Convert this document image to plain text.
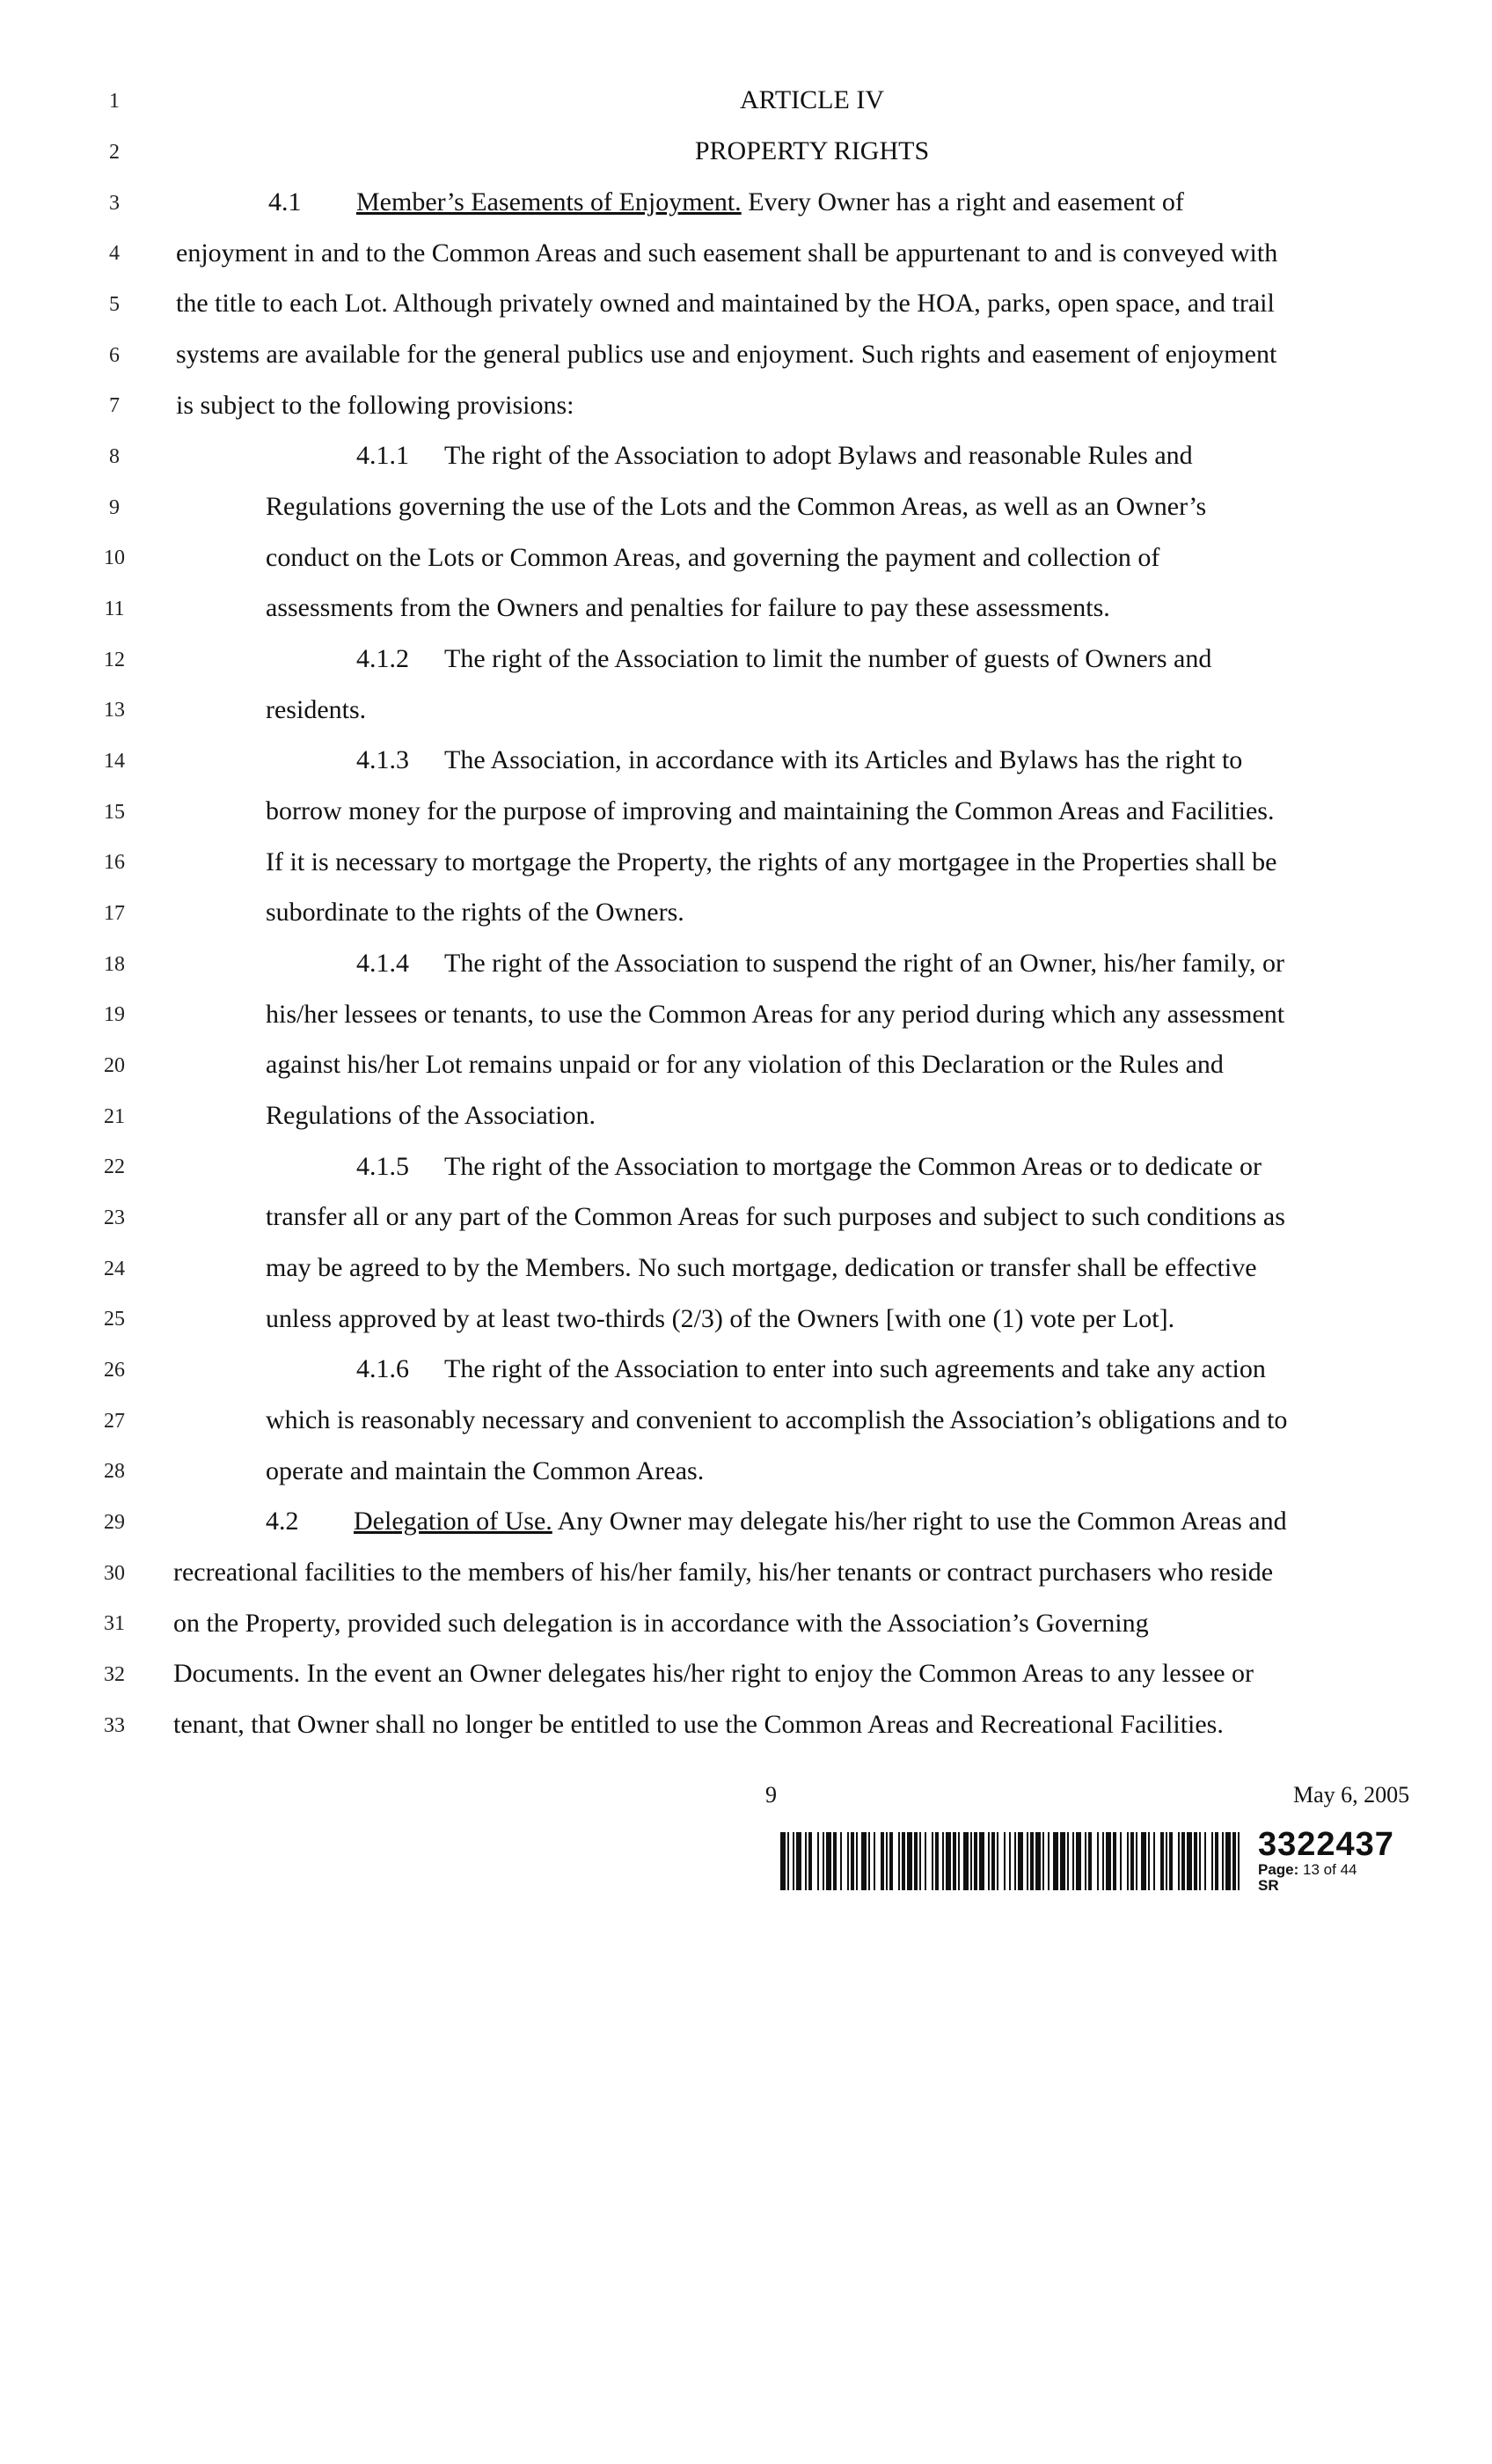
1
2
3
4
5
6
7
8
9
10
11
12
13
14
15
16
17
18
19
20
21
22
23
24
25
26
27
28
29
30
31
32
33
ARTICLE IV
PROPERTY RIGHTS
4.1 Member’s Easements of Enjoyment. Every Owner has a right and easement of
enjoyment in and to the Common Areas and such easement shall be appurtenant to and is conveyed with
the title to each Lot. Although privately owned and maintained by the HOA, parks, open space, and trail
systems are available for the general publics use and enjoyment. Such rights and easement of enjoyment
is subject to the following provisions:
4.1.1 The right of the Association to adopt Bylaws and reasonable Rules and
Regulations governing the use of the Lots and the Common Areas, as well as an Owner’s
conduct on the Lots or Common Areas, and governing the payment and collection of
assessments from the Owners and penalties for failure to pay these assessments.
4.1.2 The right of the Association to limit the number of guests of Owners and
residents.
4.1.3 The Association, in accordance with its Articles and Bylaws has the right to
borrow money for the purpose of improving and maintaining the Common Areas and Facilities.
If it is necessary to mortgage the Property, the rights of any mortgagee in the Properties shall be
subordinate to the rights of the Owners.
4.1.4 The right of the Association to suspend the right of an Owner, his/her family, or
his/her lessees or tenants, to use the Common Areas for any period during which any assessment
against his/her Lot remains unpaid or for any violation of this Declaration or the Rules and
Regulations of the Association.
4.1.5 The right of the Association to mortgage the Common Areas or to dedicate or
transfer all or any part of the Common Areas for such purposes and subject to such conditions as
may be agreed to by the Members. No such mortgage, dedication or transfer shall be effective
unless approved by at least two-thirds (2/3) of the Owners [with one (1) vote per Lot].
4.1.6 The right of the Association to enter into such agreements and take any action
which is reasonably necessary and convenient to accomplish the Association’s obligations and to
operate and maintain the Common Areas.
4.2 Delegation of Use. Any Owner may delegate his/her right to use the Common Areas and
recreational facilities to the members of his/her family, his/her tenants or contract purchasers who reside
on the Property, provided such delegation is in accordance with the Association’s Governing
Documents. In the event an Owner delegates his/her right to enjoy the Common Areas to any lessee or
tenant, that Owner shall no longer be entitled to use the Common Areas and Recreational Facilities.
9	May 6, 2005
3322437
Page: 13 of 44
SR
